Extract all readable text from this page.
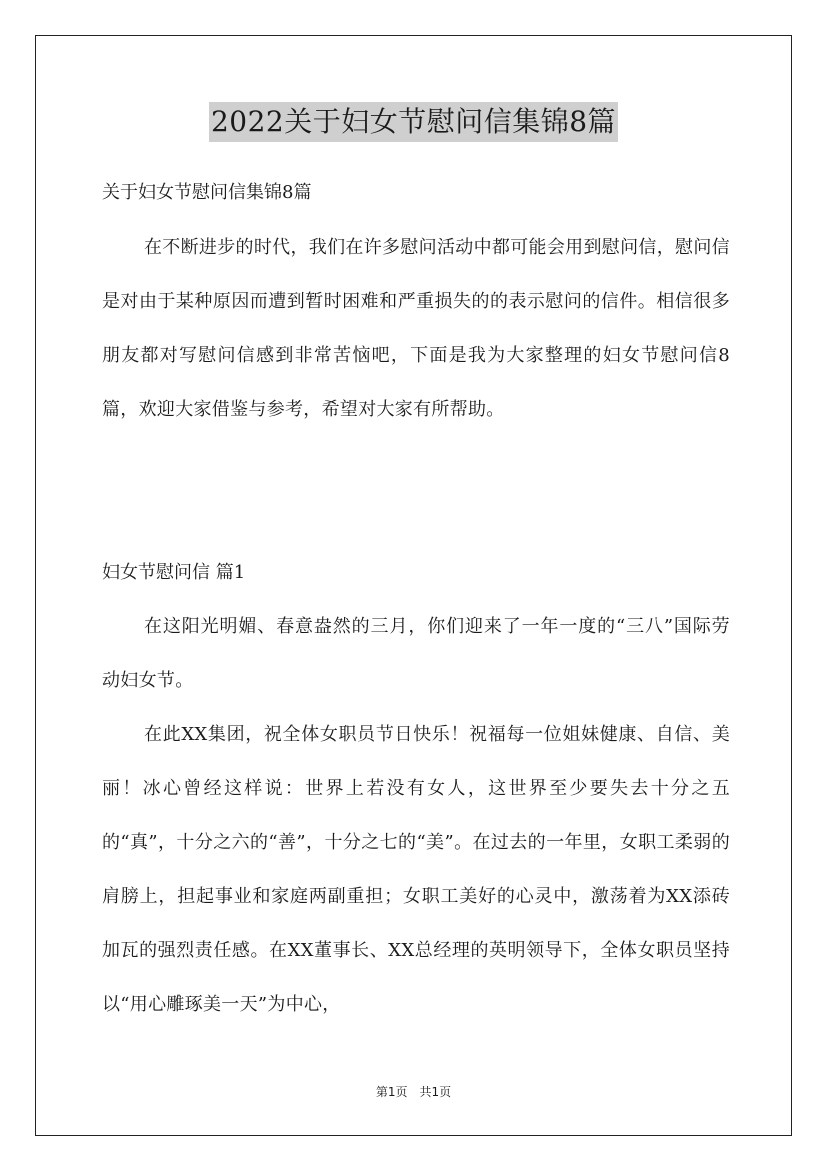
2022关于妇女节慰问信集锦8篇
关于妇女节慰问信集锦8篇

在不断进步的时代，我们在许多慰问活动中都可能会用到慰问信，慰问信是对由于某种原因而遭到暂时困难和严重损失的的表示慰问的信件。相信很多朋友都对写慰问信感到非常苦恼吧，下面是我为大家整理的妇女节慰问信8篇，欢迎大家借鉴与参考，希望对大家有所帮助。

妇女节慰问信 篇1

在这阳光明媚、春意盎然的三月，你们迎来了一年一度的“三八”国际劳动妇女节。

在此XX集团，祝全体女职员节日快乐！祝福每一位姐妹健康、自信、美丽！冰心曾经这样说：世界上若没有女人，这世界至少要失去十分之五的“真”，十分之六的“善”，十分之七的“美”。在过去的一年里，女职工柔弱的肩膀上，担起事业和家庭两副重担；女职工美好的心灵中，激荡着为XX添砖加瓦的强烈责任感。在XX董事长、XX总经理的英明领导下，全体女职员坚持以“用心雕琢美一天”为中心，

第1页　共1页
